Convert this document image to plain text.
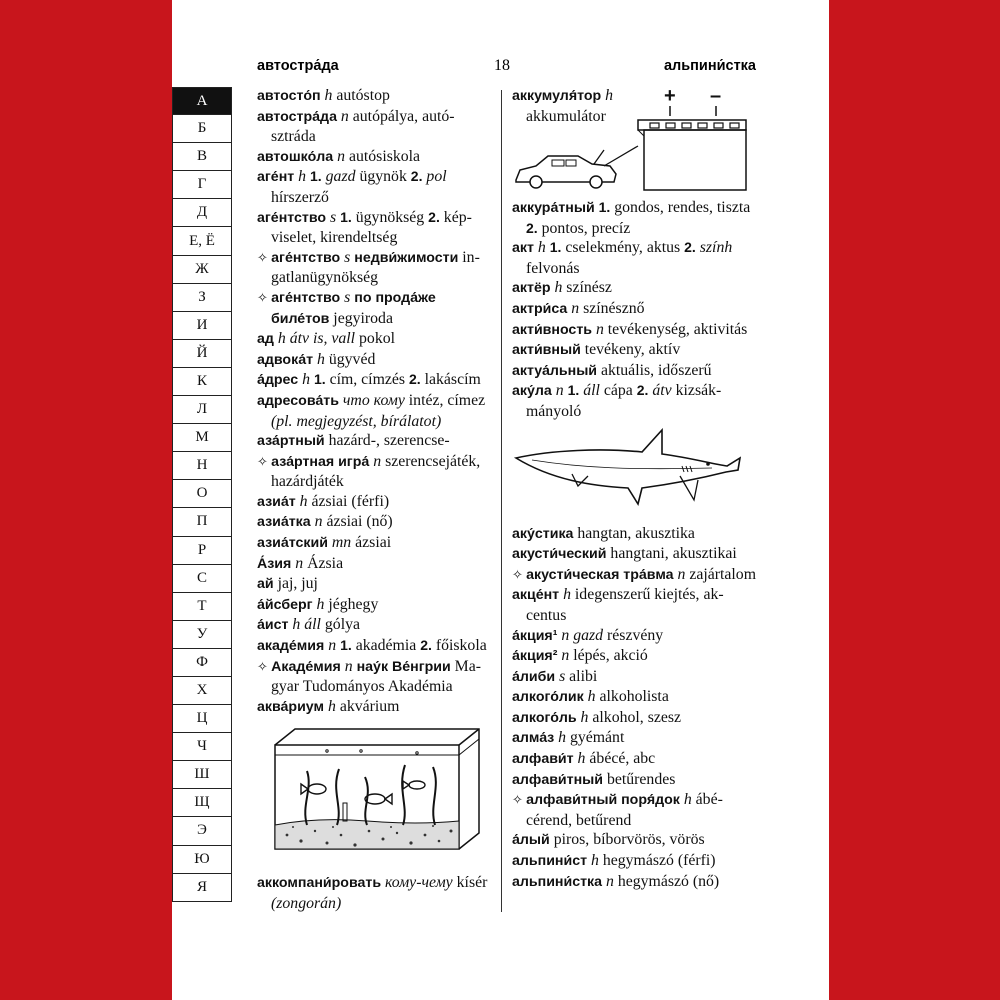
автостра́да	18	альпини́стка
А
Б
В
Г
Д
Е, Ё
Ж
З
И
Й
К
Л
М
Н
О
П
Р
С
Т
У
Ф
Х
Ц
Ч
Ш
Щ
Э
Ю
Я

автосто́п h autóstop

автостра́да n autópálya, autósztráda

автошко́ла n autósiskola

аге́нт h 1. gazd ügynök 2. pol hírszerző

аге́нтство s 1. ügynökség 2. képviselet, kirendeltség

✧ аге́нтство s недви́жимости ingatlanügynökség

✧ аге́нтство s по прода́же биле́тов jegyiroda

ад h átv is, vall pokol

адвока́т h ügyvéd

а́дрес h 1. cím, címzés 2. lakáscím

адресова́ть что кому intéz, címez (pl. megjegyzést, bírálatot)

аза́ртный hazárd-, szerencse-

✧ аза́ртная игра́ n szerencsejáték, hazárdjáték

азиа́т h ázsiai (férfi)

азиа́тка n ázsiai (nő)

азиа́тский mn ázsiai

А́зия n Ázsia

ай jaj, juj

а́йсберг h jéghegy

а́ист h áll gólya

акаде́мия n 1. akadémia 2. főiskola

✧ Акаде́мия n нау́к Ве́нгрии Magyar Tudományos Akadémia

аква́риум h akvárium

аккомпани́ровать кому-чему kísér (zongorán)

аккумуля́тор h akkumulátor

+ –

аккура́тный 1. gondos, rendes, tiszta 2. pontos, precíz

акт h 1. cselekmény, aktus 2. szính felvonás

актёр h színész

актри́са n színésznő

акти́вность n tevékenység, aktivitás

акти́вный tevékeny, aktív

актуа́льный aktuális, időszerű

аку́ла n 1. áll cápa 2. átv kizsákmányoló

аку́стика hangtan, akusztika

акусти́ческий hangtani, akusztikai

✧ акусти́ческая тра́вма n zajártalom

акце́нт h idegenszerű kiejtés, akcentus

а́кция¹ n gazd részvény

а́кция² n lépés, akció

а́либи s alibi

алкого́лик h alkoholista

алкого́ль h alkohol, szesz

алма́з h gyémánt

алфави́т h ábécé, abc

алфави́тный betűrendes

✧ алфави́тный поря́док h ábécérend, betűrend

а́лый piros, bíborvörös, vörös

альпини́ст h hegymászó (férfi)

альпини́стка n hegymászó (nő)
